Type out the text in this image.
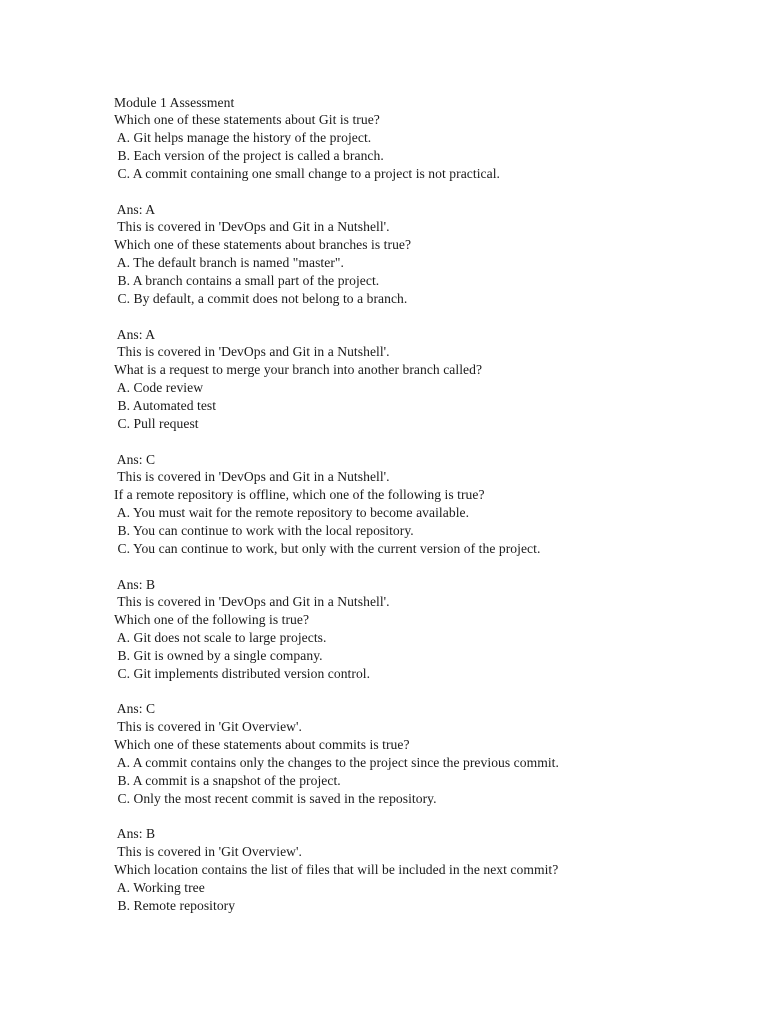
Module 1 Assessment
Which one of these statements about Git is true?
A. Git helps manage the history of the project.
B. Each version of the project is called a branch.
C. A commit containing one small change to a project is not practical.
Ans: A
This is covered in 'DevOps and Git in a Nutshell'.
Which one of these statements about branches is true?
A. The default branch is named "master".
B. A branch contains a small part of the project.
C. By default, a commit does not belong to a branch.
Ans: A
This is covered in 'DevOps and Git in a Nutshell'.
What is a request to merge your branch into another branch called?
A. Code review
B. Automated test
C. Pull request
Ans: C
This is covered in 'DevOps and Git in a Nutshell'.
If a remote repository is offline, which one of the following is true?
A. You must wait for the remote repository to become available.
B. You can continue to work with the local repository.
C. You can continue to work, but only with the current version of the project.
Ans: B
This is covered in 'DevOps and Git in a Nutshell'.
Which one of the following is true?
A. Git does not scale to large projects.
B. Git is owned by a single company.
C. Git implements distributed version control.
Ans: C
This is covered in 'Git Overview'.
Which one of these statements about commits is true?
A. A commit contains only the changes to the project since the previous commit.
B. A commit is a snapshot of the project.
C. Only the most recent commit is saved in the repository.
Ans: B
This is covered in 'Git Overview'.
Which location contains the list of files that will be included in the next commit?
A. Working tree
B. Remote repository
